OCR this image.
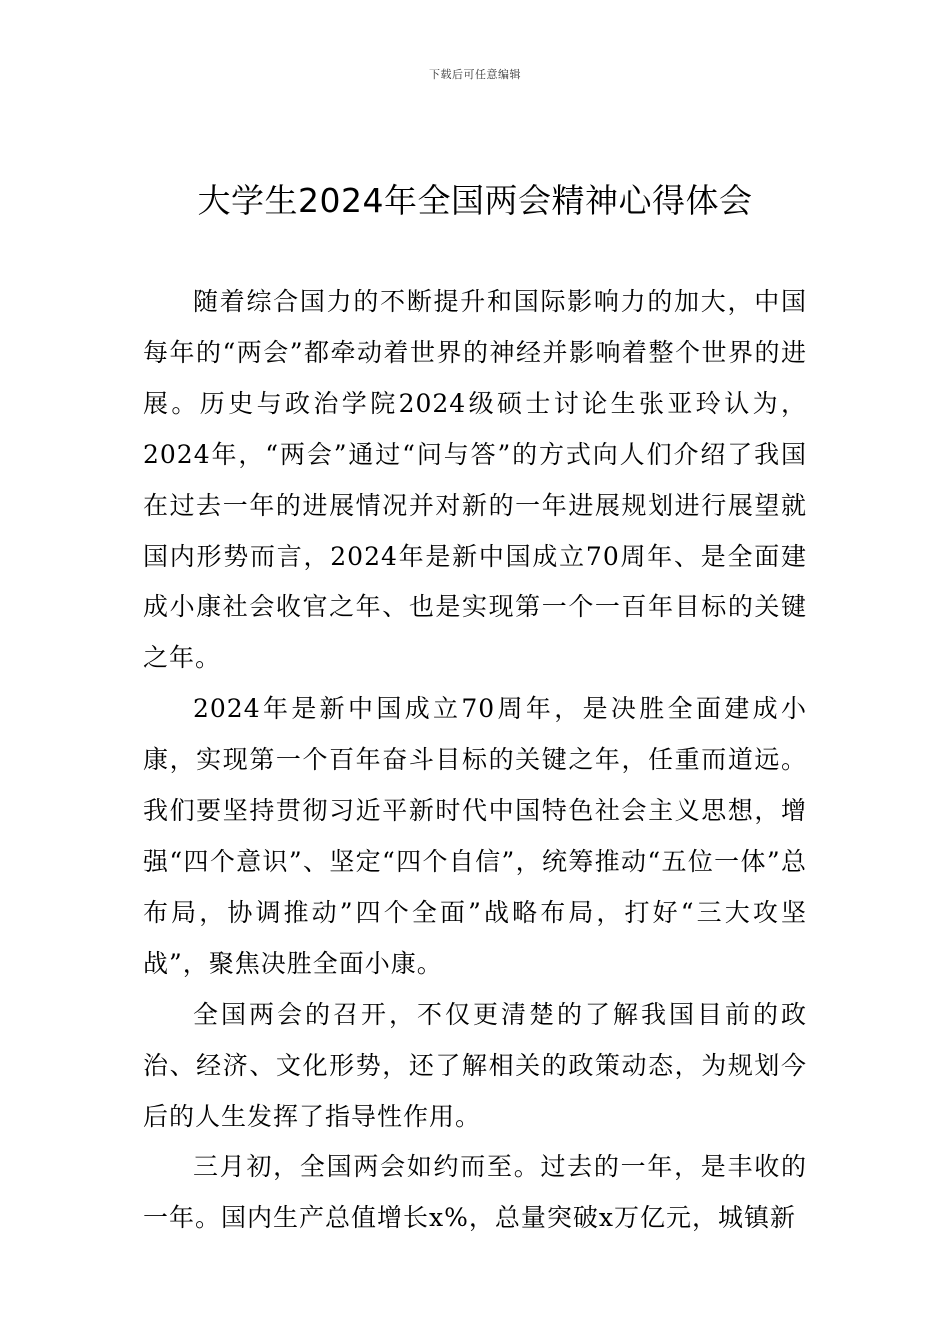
下载后可任意编辑
大学生2024年全国两会精神心得体会

随着综合国力的不断提升和国际影响力的加大，中国每年的“两会”都牵动着世界的神经并影响着整个世界的进展。历史与政治学院2024级硕士讨论生张亚玲认为，2024年，“两会”通过“问与答”的方式向人们介绍了我国在过去一年的进展情况并对新的一年进展规划进行展望就国内形势而言，2024年是新中国成立70周年、是全面建成小康社会收官之年、也是实现第一个一百年目标的关键之年。

2024年是新中国成立70周年，是决胜全面建成小康，实现第一个百年奋斗目标的关键之年，任重而道远。我们要坚持贯彻习近平新时代中国特色社会主义思想，增强“四个意识”、坚定“四个自信”，统筹推动“五位一体”总布局，协调推动”四个全面”战略布局，打好“三大攻坚战”，聚焦决胜全面小康。

全国两会的召开，不仅更清楚的了解我国目前的政治、经济、文化形势，还了解相关的政策动态，为规划今后的人生发挥了指导性作用。

三月初，全国两会如约而至。过去的一年，是丰收的一年。国内生产总值增长x%，总量突破x万亿元，城镇新
